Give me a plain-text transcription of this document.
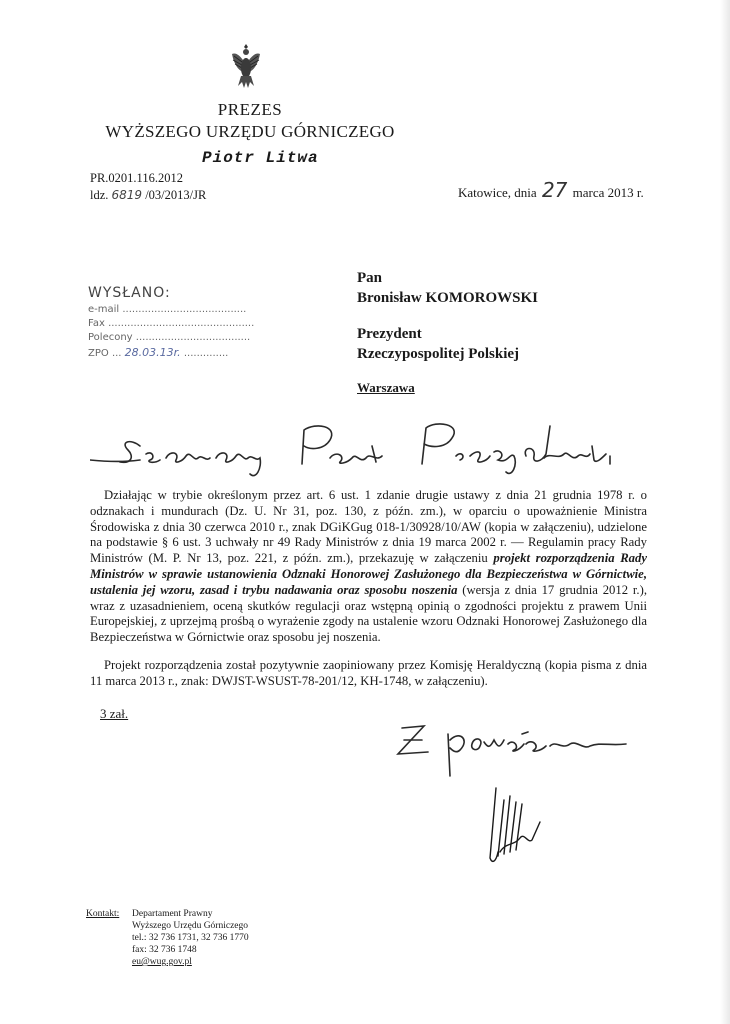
PREZES
WYŻSZEGO URZĘDU GÓRNICZEGO
Piotr Litwa
PR.0201.116.2012
ldz. 6819 /03/2013/JR	Katowice, dnia 27 marca 2013 r.
WYSŁANO:
e-mail .......................................
Fax ..............................................
Polecony ....................................
ZPO ... 28.03.13r. ..............
Pan
Bronisław KOMOROWSKI
Prezydent
Rzeczypospolitej Polskiej
Warszawa

Działając w trybie określonym przez art. 6 ust. 1 zdanie drugie ustawy z dnia 21 grudnia 1978 r. o odznakach i mundurach (Dz. U. Nr 31, poz. 130, z późn. zm.), w oparciu o upoważnienie Ministra Środowiska z dnia 30 czerwca 2010 r., znak DGiKGug 018-1/30928/10/AW (kopia w załączeniu), udzielone na podstawie § 6 ust. 3 uchwały nr 49 Rady Ministrów z dnia 19 marca 2002 r. — Regulamin pracy Rady Ministrów (M. P. Nr 13, poz. 221, z późn. zm.), przekazuję w załączeniu projekt rozporządzenia Rady Ministrów w sprawie ustanowienia Odznaki Honorowej Zasłużonego dla Bezpieczeństwa w Górnictwie, ustalenia jej wzoru, zasad i trybu nadawania oraz sposobu noszenia (wersja z dnia 17 grudnia 2012 r.), wraz z uzasadnieniem, oceną skutków regulacji oraz wstępną opinią o zgodności projektu z prawem Unii Europejskiej, z uprzejmą prośbą o wyrażenie zgody na ustalenie wzoru Odznaki Honorowej Zasłużonego dla Bezpieczeństwa w Górnictwie oraz sposobu jej noszenia.

Projekt rozporządzenia został pozytywnie zaopiniowany przez Komisję Heraldyczną (kopia pisma z dnia 11 marca 2013 r., znak: DWJST-WSUST-78-201/12, KH-1748, w załączeniu).

3 zał.
Kontakt: Departament Prawny
Wyższego Urzędu Górniczego
tel.: 32 736 1731, 32 736 1770
fax: 32 736 1748
eu@wug.gov.pl
